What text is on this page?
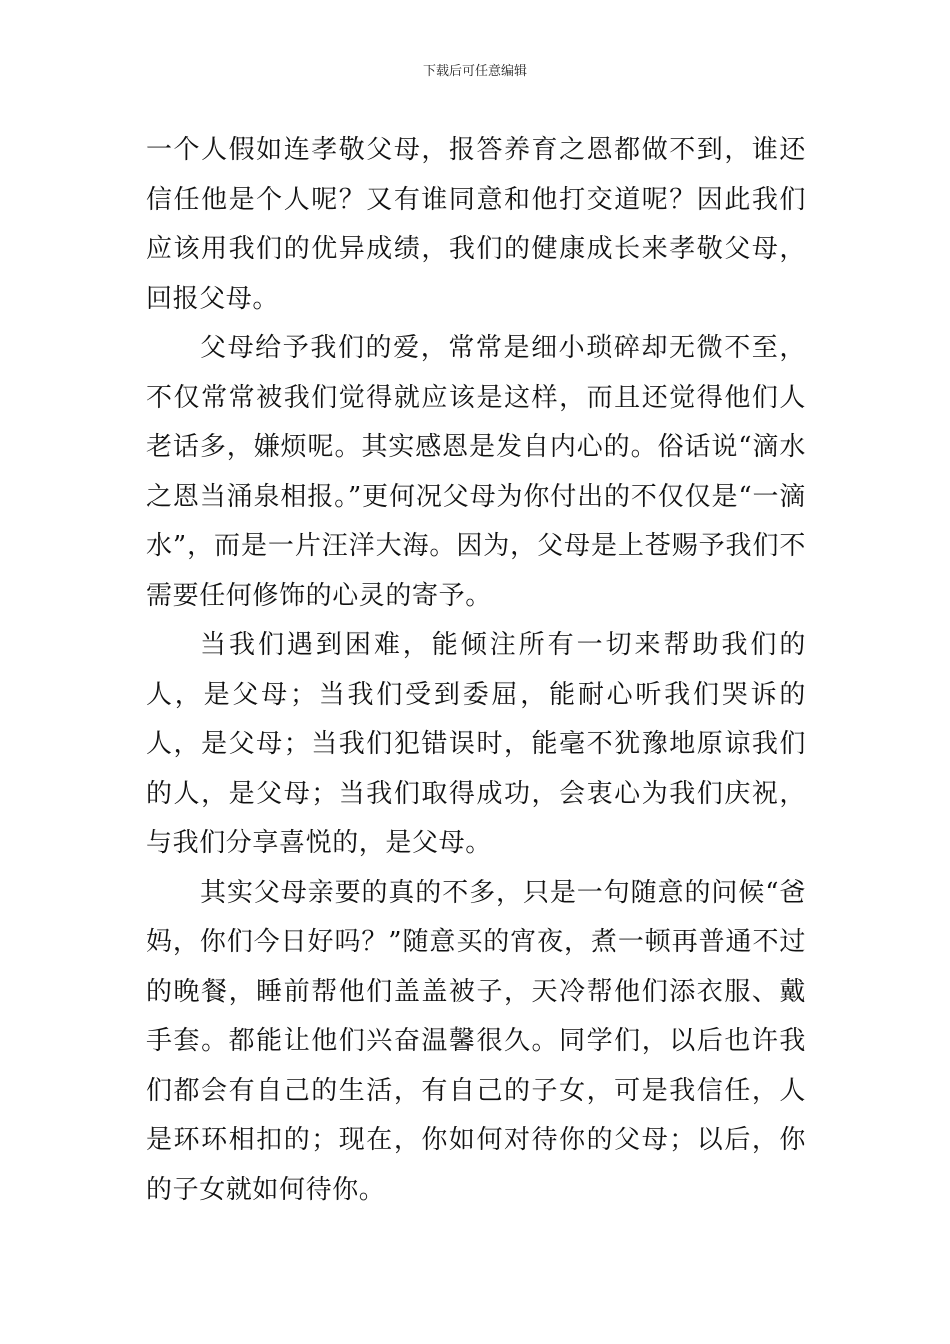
下载后可任意编辑

一个人假如连孝敬父母，报答养育之恩都做不到，谁还信任他是个人呢？又有谁同意和他打交道呢？因此我们应该用我们的优异成绩，我们的健康成长来孝敬父母，回报父母。

父母给予我们的爱，常常是细小琐碎却无微不至，不仅常常被我们觉得就应该是这样，而且还觉得他们人老话多，嫌烦呢。其实感恩是发自内心的。俗话说“滴水之恩当涌泉相报。”更何况父母为你付出的不仅仅是“一滴水”，而是一片汪洋大海。因为，父母是上苍赐予我们不需要任何修饰的心灵的寄予。

当我们遇到困难，能倾注所有一切来帮助我们的人，是父母；当我们受到委屈，能耐心听我们哭诉的人，是父母；当我们犯错误时，能毫不犹豫地原谅我们的人，是父母；当我们取得成功，会衷心为我们庆祝，与我们分享喜悦的，是父母。

其实父母亲要的真的不多，只是一句随意的问候“爸妈，你们今日好吗？”随意买的宵夜，煮一顿再普通不过的晚餐，睡前帮他们盖盖被子，天冷帮他们添衣服、戴手套。都能让他们兴奋温馨很久。同学们，以后也许我们都会有自己的生活，有自己的子女，可是我信任，人是环环相扣的；现在，你如何对待你的父母；以后，你的子女就如何待你。
